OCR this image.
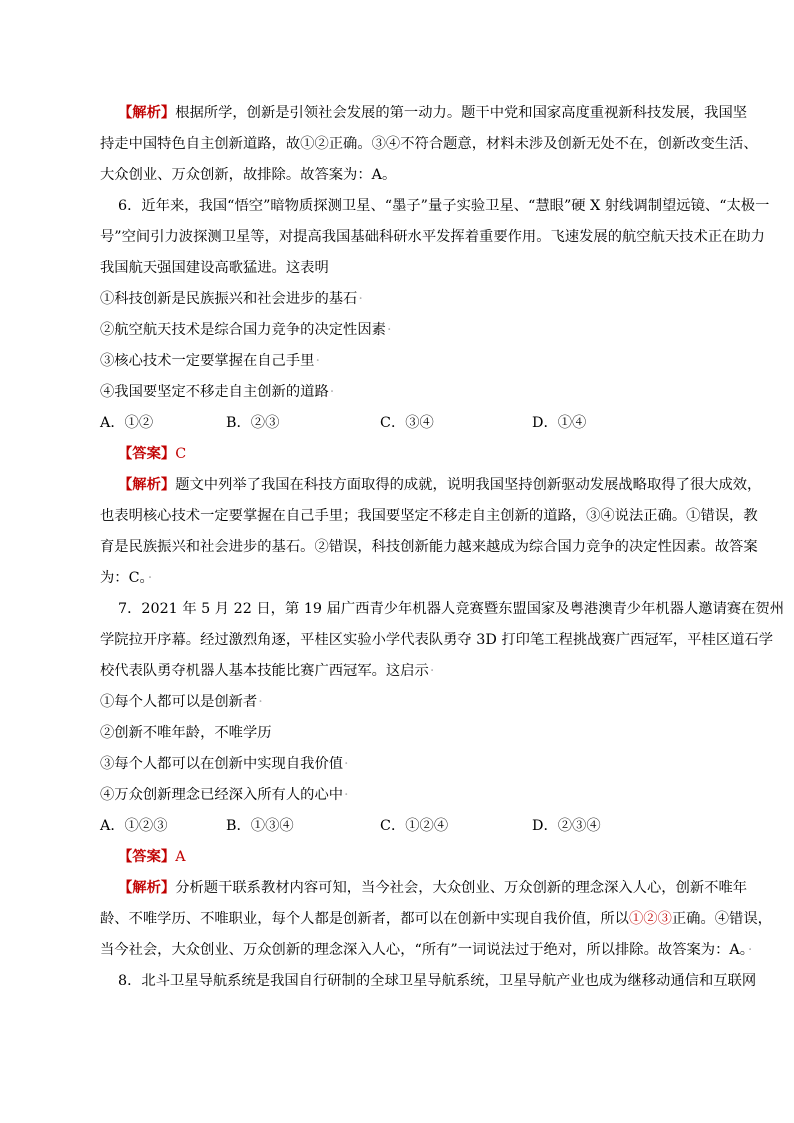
【解析】根据所学，创新是引领社会发展的第一动力。题干中党和国家高度重视新科技发展，我国坚
持走中国特色自主创新道路，故①②正确。③④不符合题意，材料未涉及创新无处不在，创新改变生活、
大众创业、万众创新，故排除。故答案为：A。
6．近年来，我国“悟空”暗物质探测卫星、“墨子”量子实验卫星、“慧眼”硬 X 射线调制望远镜、“太极一
号”空间引力波探测卫星等，对提高我国基础科研水平发挥着重要作用。飞速发展的航空航天技术正在助力
我国航天强国建设高歌猛进。这表明
①科技创新是民族振兴和社会进步的基石·
②航空航天技术是综合国力竞争的决定性因素·
③核心技术一定要掌握在自己手里·
④我国要坚定不移走自主创新的道路·
A．①②	B．②③	C．③④	D．①④
【答案】C
【解析】题文中列举了我国在科技方面取得的成就，说明我国坚持创新驱动发展战略取得了很大成效，
也表明核心技术一定要掌握在自己手里；我国要坚定不移走自主创新的道路，③④说法正确。①错误，教
育是民族振兴和社会进步的基石。②错误，科技创新能力越来越成为综合国力竞争的决定性因素。故答案
为：C。·
7．2021 年 5 月 22 日，第 19 届广西青少年机器人竞赛暨东盟国家及粤港澳青少年机器人邀请赛在贺州
学院拉开序幕。经过激烈角逐，平桂区实验小学代表队勇夺 3D 打印笔工程挑战赛广西冠军，平桂区道石学
校代表队勇夺机器人基本技能比赛广西冠军。这启示·
①每个人都可以是创新者·
②创新不唯年龄，不唯学历
③每个人都可以在创新中实现自我价值·
④万众创新理念已经深入所有人的心中·
A．①②③	B．①③④	C．①②④	D．②③④
【答案】A
【解析】分析题干联系教材内容可知，当今社会，大众创业、万众创新的理念深入人心，创新不唯年
龄、不唯学历、不唯职业，每个人都是创新者，都可以在创新中实现自我价值，所以①②③正确。④错误，
当今社会，大众创业、万众创新的理念深入人心，“所有”一词说法过于绝对，所以排除。故答案为：A。·
8．北斗卫星导航系统是我国自行研制的全球卫星导航系统，卫星导航产业也成为继移动通信和互联网
